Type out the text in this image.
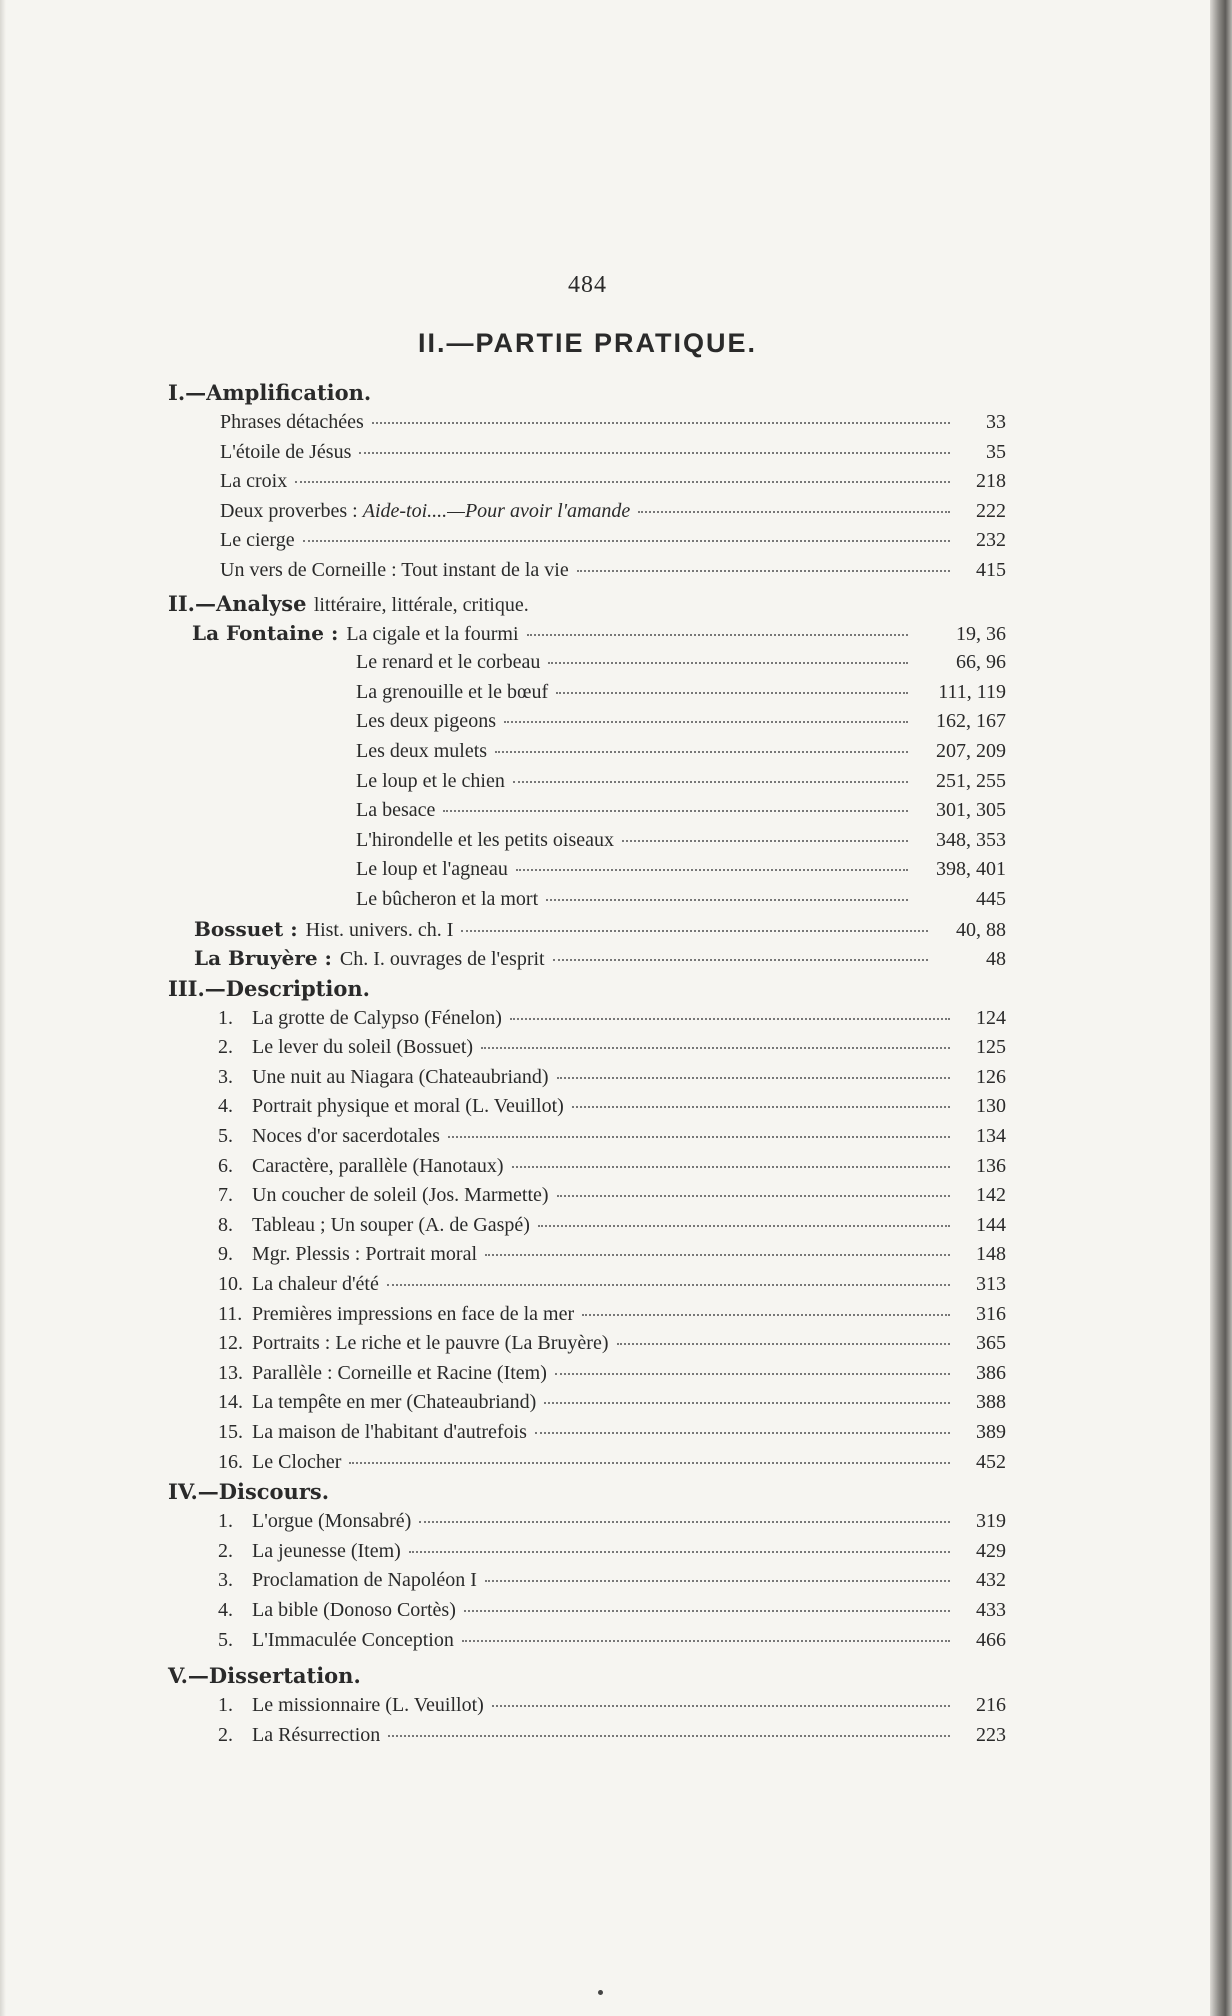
484
II.—PARTIE PRATIQUE.
I.—Amplification.
Phrases détachées	33
L'étoile de Jésus	35
La croix	218
Deux proverbes : Aide-toi....—Pour avoir l'amande	222
Le cierge	232
Un vers de Corneille : Tout instant de la vie	415
II.—Analyse littéraire, littérale, critique.
La Fontaine : La cigale et la fourmi	19, 36
Le renard et le corbeau	66, 96
La grenouille et le bœuf	111, 119
Les deux pigeons	162, 167
Les deux mulets	207, 209
Le loup et le chien	251, 255
La besace	301, 305
L'hirondelle et les petits oiseaux	348, 353
Le loup et l'agneau	398, 401
Le bûcheron et la mort	445
Bossuet : Hist. univers. ch. I	40, 88
La Bruyère : Ch. I. ouvrages de l'esprit	48
III.—Description.
1. La grotte de Calypso (Fénelon)	124
2. Le lever du soleil (Bossuet)	125
3. Une nuit au Niagara (Chateaubriand)	126
4. Portrait physique et moral (L. Veuillot)	130
5. Noces d'or sacerdotales	134
6. Caractère, parallèle (Hanotaux)	136
7. Un coucher de soleil (Jos. Marmette)	142
8. Tableau ; Un souper (A. de Gaspé)	144
9. Mgr. Plessis : Portrait moral	148
10. La chaleur d'été	313
11. Premières impressions en face de la mer	316
12. Portraits : Le riche et le pauvre (La Bruyère)	365
13. Parallèle : Corneille et Racine (Item)	386
14. La tempête en mer (Chateaubriand)	388
15. La maison de l'habitant d'autrefois	389
16. Le Clocher	452
IV.—Discours.
1. L'orgue (Monsabré)	319
2. La jeunesse (Item)	429
3. Proclamation de Napoléon I	432
4. La bible (Donoso Cortès)	433
5. L'Immaculée Conception	466
V.—Dissertation.
1. Le missionnaire (L. Veuillot)	216
2. La Résurrection	223
